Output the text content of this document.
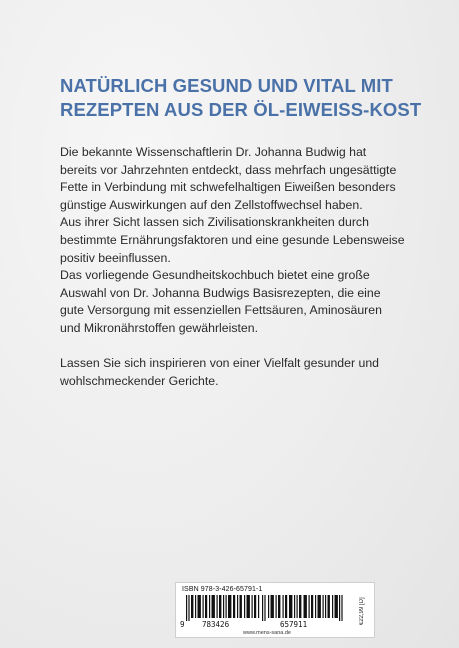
NATÜRLICH GESUND UND VITAL MIT
REZEPTEN AUS DER ÖL-EIWEISS-KOST

Die bekannte Wissenschaftlerin Dr. Johanna Budwig hat
bereits vor Jahrzehnten entdeckt, dass mehrfach ungesättigte
Fette in Verbindung mit schwefelhaltigen Eiweißen besonders
günstige Auswirkungen auf den Zellstoffwechsel haben.
Aus ihrer Sicht lassen sich Zivilisationskrankheiten durch
bestimmte Ernährungsfaktoren und eine gesunde Lebensweise
positiv beeinflussen.
Das vorliegende Gesundheitskochbuch bietet eine große
Auswahl von Dr. Johanna Budwigs Basisrezepten, die eine
gute Versorgung mit essenziellen Fettsäuren, Aminosäuren
und Mikronährstoffen gewährleisten.

Lassen Sie sich inspirieren von einer Vielfalt gesunder und
wohlschmeckender Gerichte.

ISBN 978-3-426-65791-1
9 783426	657911
www.mens-sana.de
€22,99 [D]
